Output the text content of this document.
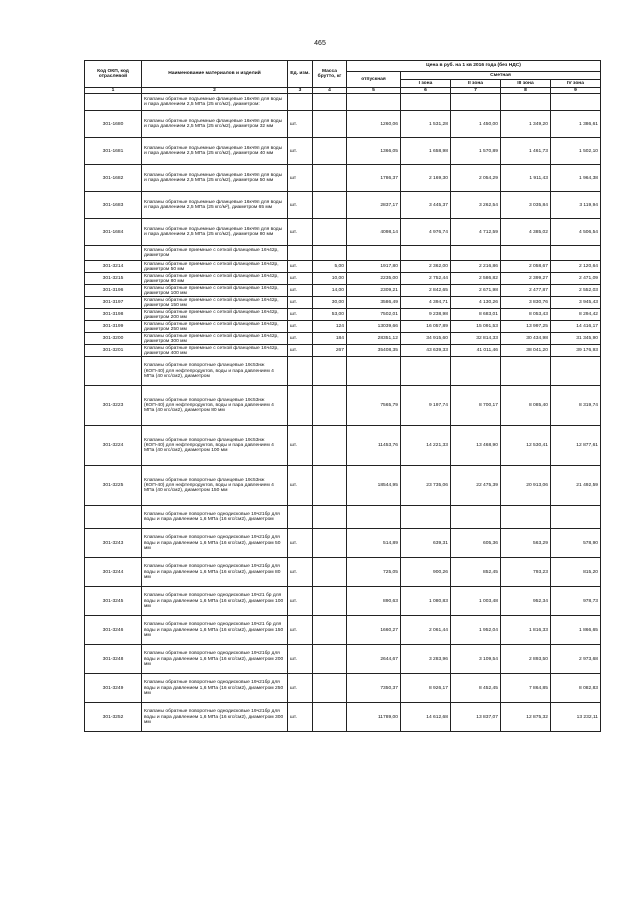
465
Код ОКП, код отраслевой	Наименование материалов и изделий	Ед. изм.	Масса брутто, кг	Цена в руб. на 1 кв 2016 года (без НДС)				
				отпускная	Сметная			
					I зона	II зона	III зона	IV зона
1	2	3	4	5	6	7	8	9
	Клапаны обратные подъемные фланцевые 16кч9п для воды и пара давлением 2,5 МПа (25 кгс/м2), диаметром:							
301-1680	Клапаны обратные подъемные фланцевые 16кч9п для воды и пара давлением 2,5 МПа (25 кгс/м2), диаметром 32 мм	шт.		1260,06	1 531,28	1 450,00	1 349,20	1 386,61
301-1681	Клапаны обратные подъемные фланцевые 16кч9п для воды и пара давлением 2,5 МПа (25 кгс/м2), диаметром 40 мм	шт.		1366,05	1 658,98	1 570,89	1 461,73	1 502,10
301-1682	Клапаны обратные подъемные фланцевые 16кч9п для воды и пара давлением 2,5 МПа (25 кгс/м2), диаметром 50 мм	шт		1786,37	2 169,30	2 054,29	1 911,43	1 964,38
301-1683	Клапаны обратные подъемные фланцевые 16кч9п для воды и пара давлением 2,5 МПа (25 кгс/м²), диаметром 65 мм	шт.		2837,17	3 445,37	3 262,54	3 035,84	3 119,94
301-1684	Клапаны обратные подъемные фланцевые 16кч9п для воды и пара давлением 2,5 МПа (25 кгс/м2), диаметром 80 мм	шт.		4098,14	4 976,74	4 712,59	4 385,02	4 506,54
	Клапаны обратные приемные с сеткой фланцевые 16ч42р, диаметром							
301-3214	Клапаны обратные приемные с сеткой фланцевые 16ч42р, диаметром 50 мм	шт.	5,00	1917,80	2 362,00	2 216,86	2 058,67	2 120,64
301-3215	Клапаны обратные приемные с сеткой фланцевые 16ч42р, диаметром 80 мм	шт.	10,00	2235,00	2 752,44	2 586,82	2 399,27	2 471,09
301-3196	Клапаны обратные приемные с сеткой фланцевые 16ч42р, диаметром 100 мм	шт.	14,00	2309,21	2 842,65	2 671,98	2 477,87	2 552,03
301-3197	Клапаны обратные приемные с сеткой фланцевые 16ч42р, диаметром 150 мм	шт.	30,00	3586,49	4 394,71	4 130,26	3 830,76	3 945,43
301-3198	Клапаны обратные приемные с сеткой фланцевые 16ч42р, диаметром 200 мм	шт.	53,00	7502,01	9 238,98	8 683,01	8 053,43	8 294,42
301-3199	Клапаны обратные приемные с сеткой фланцевые 16ч42р, диаметром 250 мм	шт.	124	13039,66	16 057,89	15 091,53	13 997,25	14 416,17
301-3200	Клапаны обратные приемные с сеткой фланцевые 16ч42р, диаметром 300 мм	шт.	184	28351,12	34 915,60	32 814,33	30 434,98	31 345,90
301-3201	Клапаны обратные приемные с сеткой фланцевые 16ч42р, диаметром 400 мм	шт.	267	35408,35	43 639,33	41 011,46	38 041,20	39 176,93
	Клапаны обратные поворотные фланцевые 19с53нж (КОП-40) для нефтепродуктов, воды и пара давлением 4 МПа (40 кгс/см2), диаметром							
301-3223	Клапаны обратные поворотные фланцевые 19с53нж (КОП-40) для нефтепродуктов, воды и пара давлением 4 МПа (40 кгс/см2), диаметром 80 мм			7565,79	9 197,74	8 700,17	8 085,40	8 319,74
301-3224	Клапаны обратные поворотные фланцевые 19с53нж (КОП-40) для нефтепродуктов, воды и пара давлением 4 МПа (40 кгс/см2), диаметром 100 мм	шт.		11453,76	14 221,33	13 468,90	12 530,41	12 877,61
301-3225	Клапаны обратные поворотные фланцевые 19с53нж (КОП-40) для нефтепродуктов, воды и пара давлением 4 МПа (40 кгс/см2), диаметром 150 мм	шт.		18544,95	23 735,06	22 475,39	20 913,06	21 492,59
	Клапаны обратные поворотные однодисковые 19ч21бр для воды и пара давлением 1,6 МПа (16 кгс/см2), диаметром							
301-3243	Клапаны обратные поворотные однодисковые 19ч21бр для воды и пара давлением 1,6 МПа (16 кгс/см2), диаметром 50 мм	шт.		514,89	639,31	605,36	563,29	578,90
301-3244	Клапаны обратные поворотные однодисковые 19ч21бр для воды и пара давлением 1,6 МПа (16 кгс/см2), диаметром 80 мм	шт.		725,05	900,26	852,45	793,23	815,20
301-3245	Клапаны обратные поворотные однодисковые 19ч21 бр для воды и пара давлением 1,6 МПа (16 кгс/см2), диаметром 100 мм	шт.		890,63	1 080,83	1 003,48	952,34	978,73
301-3246	Клапаны обратные поворотные однодисковые 19ч21 бр для воды и пара давлением 1,6 МПа (16 кгс/см2), диаметром 150 мм	шт.		1660,27	2 061,44	1 952,04	1 816,33	1 866,65
301-3248	Клапаны обратные поворотные однодисковые 19ч21бр для воды и пара давлением 1,6 МПа (16 кгс/см2), диаметром 200 мм	шт.		2644,67	3 283,96	3 109,54	2 893,50	2 973,68
301-3249	Клапаны обратные поворотные однодисковые 19ч21бр для воды и пара давлением 1,6 МПа (16 кгс/см2), диаметром 250 мм	шт.		7350,37	8 926,17	8 452,45	7 864,85	8 082,83
301-3252	Клапаны обратные поворотные однодисковые 19ч21бр для воды и пара давлением 1,6 МПа (16 кгс/см2), диаметром 300 мм	шт.		11789,00	14 612,68	13 837,07	12 875,32	13 232,11
